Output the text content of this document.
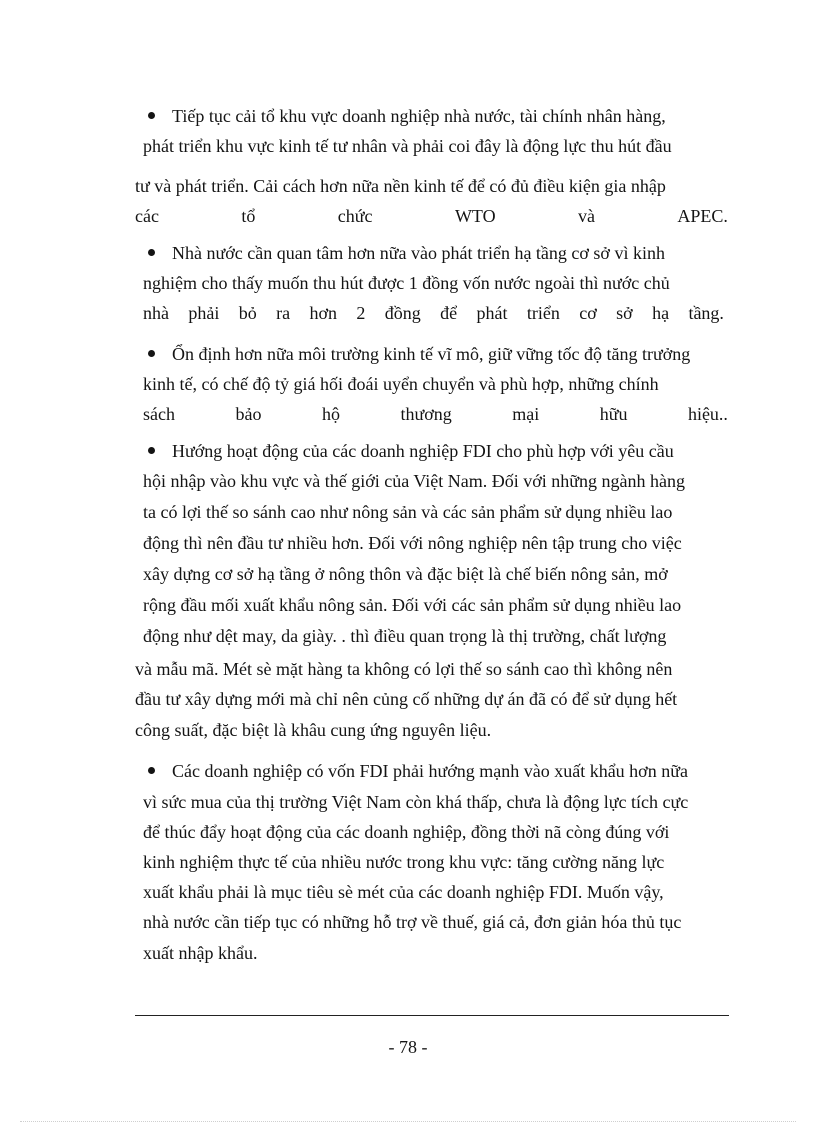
Tiếp tục cải tổ khu vực doanh nghiệp nhà nước, tài chính nhân hàng,
phát triển khu vực kinh tế tư nhân và phải coi đây là động lực thu hút đầu
tư và phát triển. Cải cách hơn nữa nền kinh tế để có đủ điều kiện gia nhập
các	tổ	chức	WTO	và	APEC.
Nhà nước cần quan tâm hơn nữa vào phát triển hạ tầng cơ sở vì kinh
nghiệm cho thấy muốn thu hút được 1 đồng vốn nước ngoài thì nước chủ
nhà phải bỏ ra hơn 2 đồng để phát triển cơ sở hạ tầng.
Ổn định hơn nữa môi trường kinh tế vĩ mô, giữ vững tốc độ tăng trưởng
kinh tế, có chế độ tỷ giá hối đoái uyển chuyển và phù hợp, những chính
sách	bảo	hộ	thương	mại	hữu	hiệu..
Hướng hoạt động của các doanh nghiệp FDI cho phù hợp với yêu cầu
hội nhập vào khu vực và thế giới của Việt Nam. Đối với những ngành hàng
ta có lợi thế so sánh cao như nông sản và các sản phẩm sử dụng nhiều lao
động thì nên đầu tư nhiều hơn. Đối với nông nghiệp nên tập trung cho việc
xây dựng cơ sở hạ tầng ở nông thôn và đặc biệt là chế biến nông sản, mở
rộng đầu mối xuất khẩu nông sản. Đối với các sản phẩm sử dụng nhiều lao
động như dệt may, da giày. . thì điều quan trọng là thị trường, chất lượng
và mẫu mã. Mét sè mặt hàng ta không có lợi thế so sánh cao thì không nên
đầu tư xây dựng mới mà chỉ nên củng cố những dự án đã có để sử dụng hết
công suất, đặc biệt là khâu cung ứng nguyên liệu.
Các doanh nghiệp có vốn FDI phải hướng mạnh vào xuất khẩu hơn nữa
vì sức mua của thị trường Việt Nam còn khá thấp, chưa là động lực tích cực
để thúc đẩy hoạt động của các doanh nghiệp, đồng thời nã còng đúng với
kinh nghiệm thực tế của nhiều nước trong khu vực: tăng cường năng lực
xuất khẩu phải là mục tiêu sè mét của các doanh nghiệp FDI. Muốn vậy,
nhà nước cần tiếp tục có những hỗ trợ về thuế, giá cả, đơn giản hóa thủ tục
xuất nhập khẩu.
- 78 -
